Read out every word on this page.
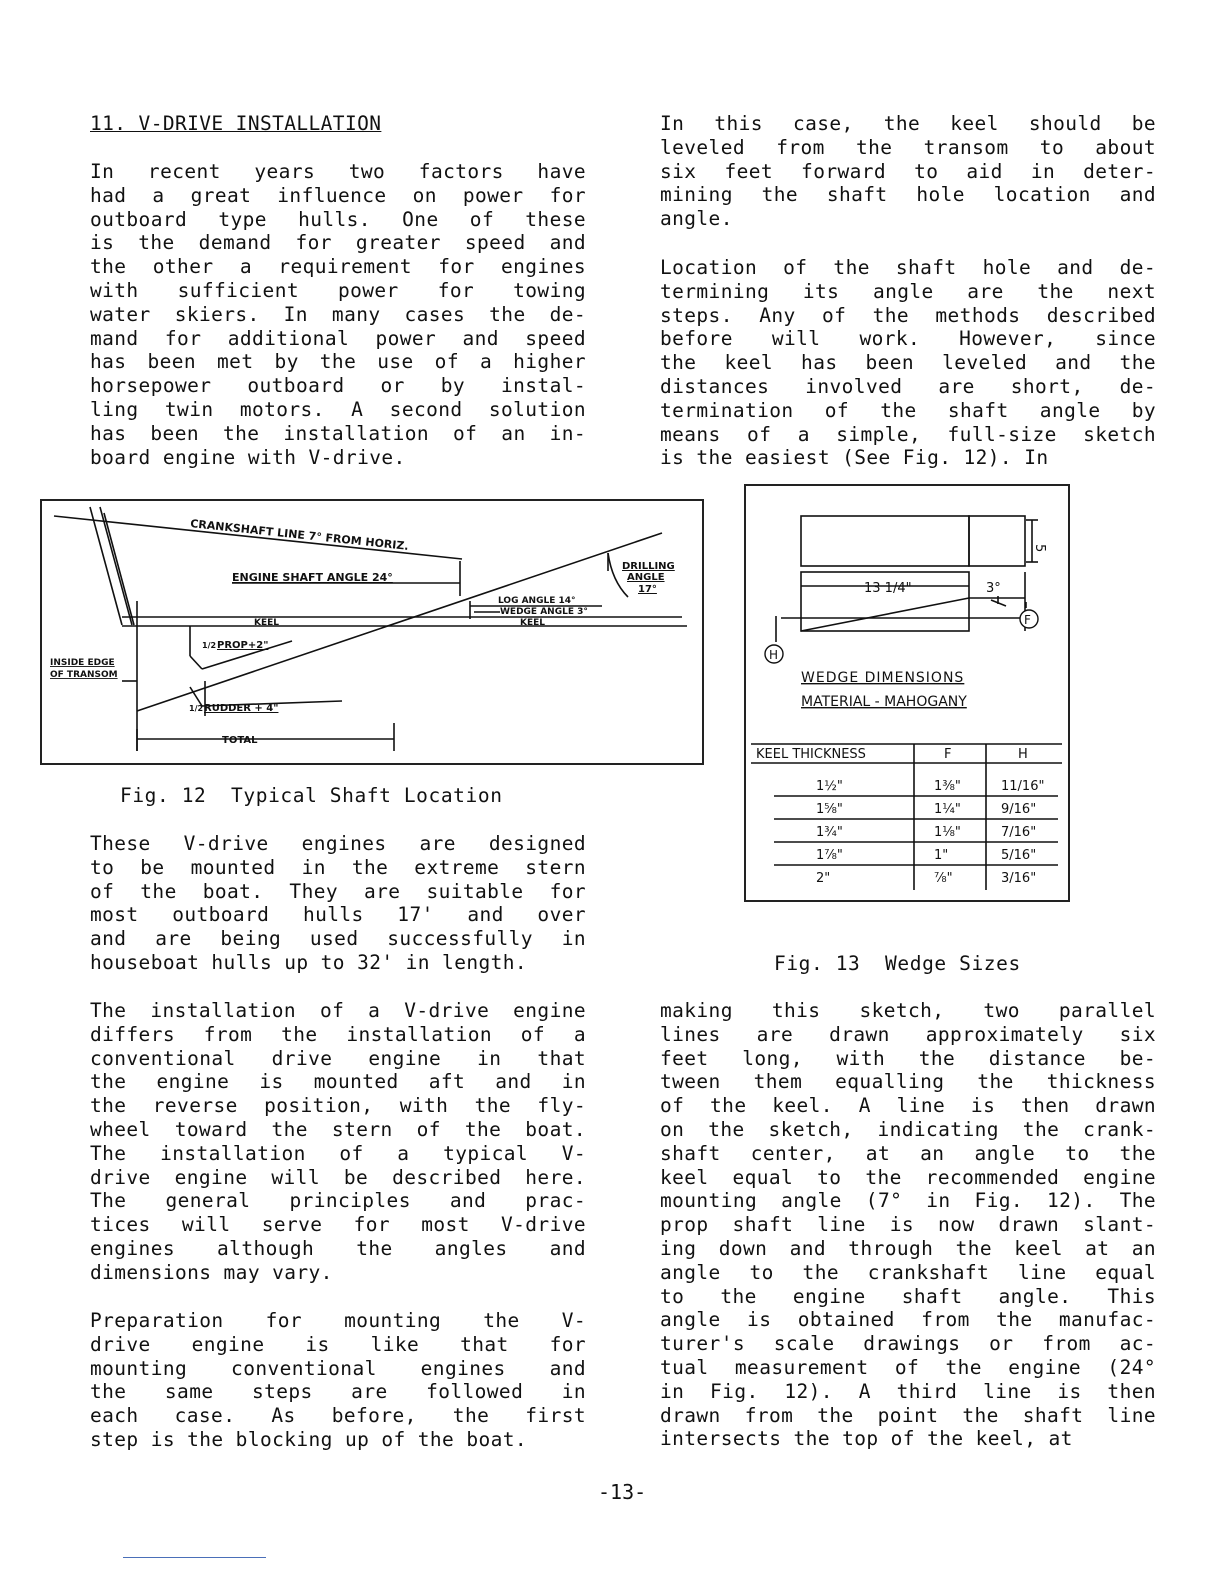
11. V-DRIVE INSTALLATION
In recent years two factors have
had a great influence on power for
outboard type hulls. One of these
is the demand for greater speed and
the other a requirement for engines
with sufficient power for towing
water skiers. In many cases the de-
mand for additional power and speed
has been met by the use of a higher
horsepower outboard or by instal-
ling twin motors. A second solution
has been the installation of an in-
board engine with V-drive.
CRANKSHAFT LINE 7° FROM HORIZ.
ENGINE SHAFT ANGLE 24°
DRILLING
ANGLE
17°
LOG ANGLE 14°
WEDGE ANGLE 3°
KEEL	KEEL
1/2 PROP+2"
INSIDE EDGE
OF TRANSOM
1/2 RUDDER + 4"
TOTAL

Fig. 12  Typical Shaft Location

These V-drive engines are designed
to be mounted in the extreme stern
of the boat. They are suitable for
most outboard hulls 17' and over
and are being used successfully in
houseboat hulls up to 32' in length.
The installation of a V-drive engine
differs from the installation of a
conventional drive engine in that
the engine is mounted aft and in
the reverse position, with the fly-
wheel toward the stern of the boat.
The installation of a typical V-
drive engine will be described here.
The general principles and prac-
tices will serve for most V-drive
engines although the angles and
dimensions may vary.
Preparation for mounting the V-
drive engine is like that for
mounting conventional engines and
the same steps are followed in
each case. As before, the first
step is the blocking up of the boat.
In this case, the keel should be
leveled from the transom to about
six feet forward to aid in deter-
mining the shaft hole location and
angle.
Location of the shaft hole and de-
termining its angle are the next
steps. Any of the methods described
before will work. However, since
the keel has been leveled and the
distances involved are short, de-
termination of the shaft angle by
means of a simple, full-size sketch
is the easiest (See Fig. 12). In
13 1/4"
5
3°
F
H
WEDGE DIMENSIONS
MATERIAL - MAHOGANY
KEEL THICKNESS	F	H
1½"	1⅜"	11/16"
1⅝"	1¼"	9/16"
1¾"	1⅛"	7/16"
1⅞"	1"	5/16"
2"	⅞"	3/16"

Fig. 13  Wedge Sizes

making this sketch, two parallel
lines are drawn approximately six
feet long, with the distance be-
tween them equalling the thickness
of the keel. A line is then drawn
on the sketch, indicating the crank-
shaft center, at an angle to the
keel equal to the recommended engine
mounting angle (7° in Fig. 12). The
prop shaft line is now drawn slant-
ing down and through the keel at an
angle to the crankshaft line equal
to the engine shaft angle. This
angle is obtained from the manufac-
turer's scale drawings or from ac-
tual measurement of the engine (24°
in Fig. 12). A third line is then
drawn from the point the shaft line
intersects the top of the keel, at
-13-
